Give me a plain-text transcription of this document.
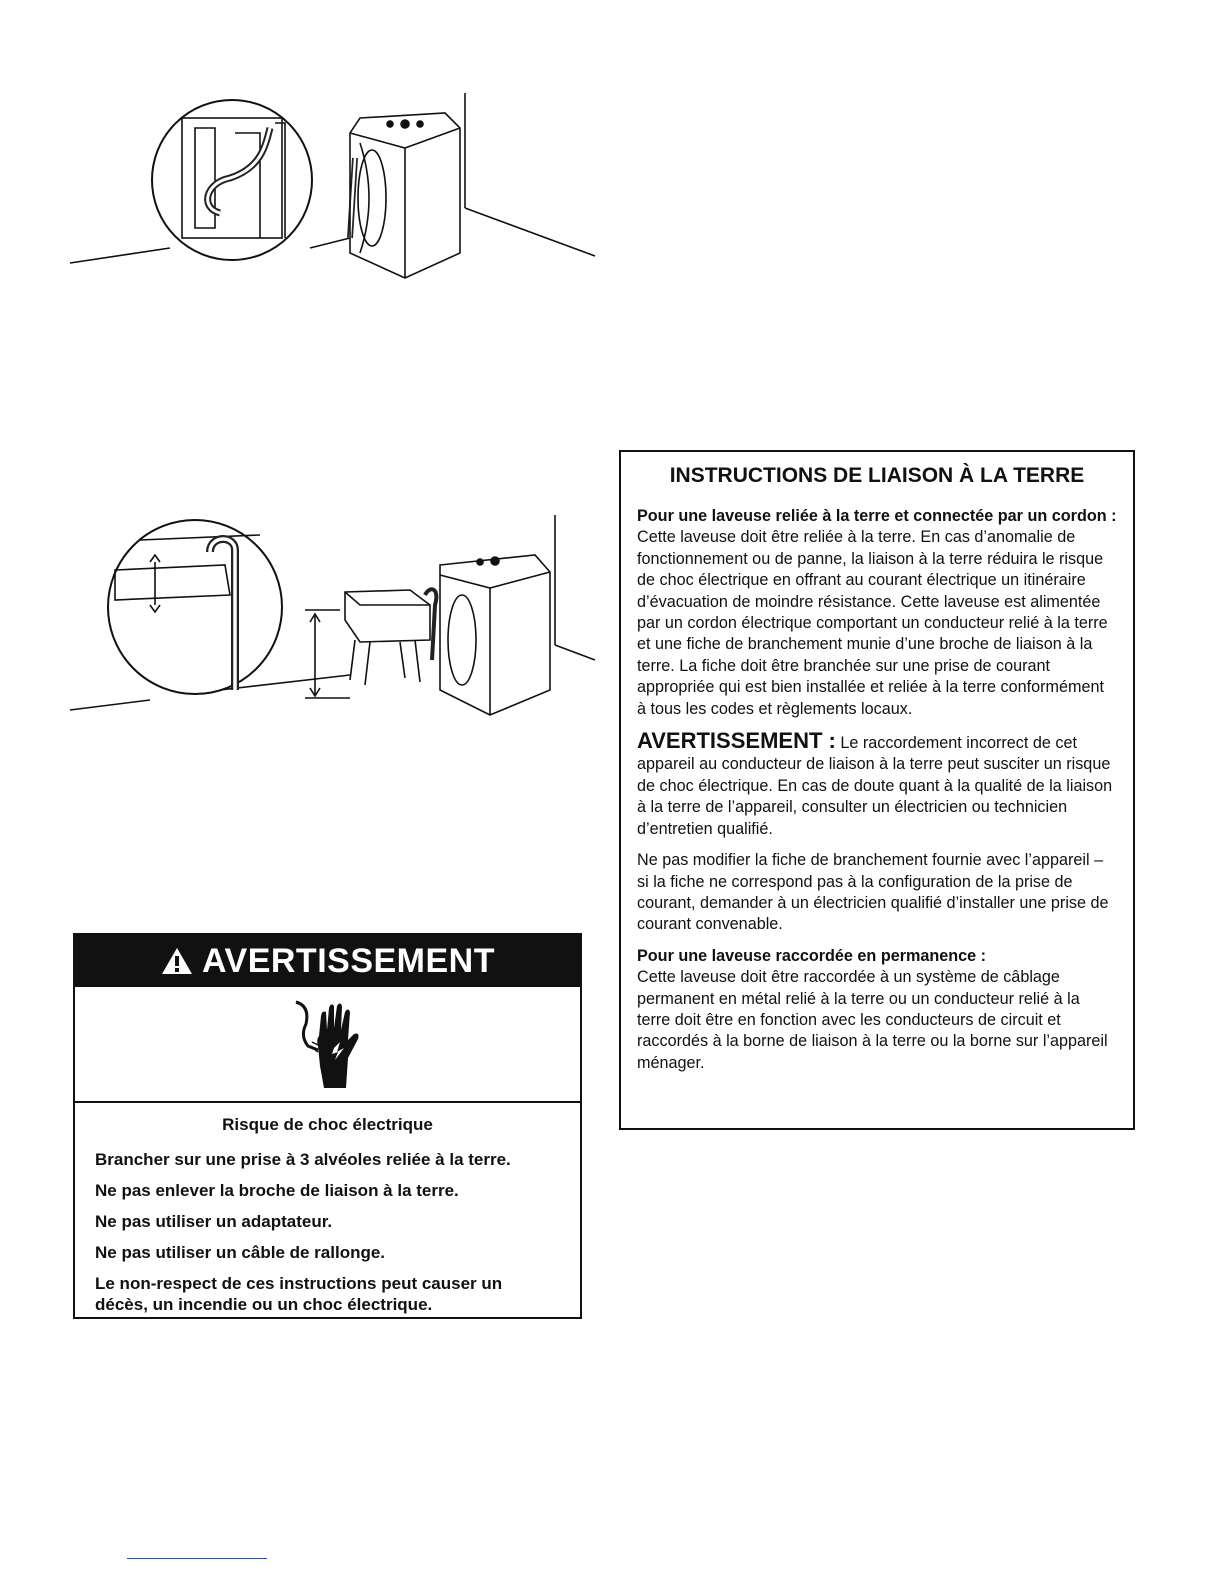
AVERTISSEMENT
Risque de choc électrique
Brancher sur une prise à 3 alvéoles reliée à la terre.
Ne pas enlever la broche de liaison à la terre.
Ne pas utiliser un adaptateur.
Ne pas utiliser un câble de rallonge.
Le non-respect de ces instructions peut causer un décès, un incendie ou un choc électrique.
INSTRUCTIONS DE LIAISON À LA TERRE

Pour une laveuse reliée à la terre et connectée par un cordon :
Cette laveuse doit être reliée à la terre. En cas d’anomalie de fonctionnement ou de panne, la liaison à la terre réduira le risque de choc électrique en offrant au courant électrique un itinéraire d’évacuation de moindre résistance. Cette laveuse est alimentée par un cordon électrique comportant un conducteur relié à la terre et une fiche de branchement munie d’une broche de liaison à la terre. La fiche doit être branchée sur une prise de courant appropriée qui est bien installée et reliée à la terre conformément à tous les codes et règlements locaux.

AVERTISSEMENT : Le raccordement incorrect de cet appareil au conducteur de liaison à la terre peut susciter un risque de choc électrique. En cas de doute quant à la qualité de la liaison à la terre de l’appareil, consulter un électricien ou technicien d’entretien qualifié.

Ne pas modifier la fiche de branchement fournie avec l’appareil – si la fiche ne correspond pas à la configuration de la prise de courant, demander à un électricien qualifié d’installer une prise de courant convenable.

Pour une laveuse raccordée en permanence :
Cette laveuse doit être raccordée à un système de câblage permanent en métal relié à la terre ou un conducteur relié à la terre doit être en fonction avec les conducteurs de circuit et raccordés à la borne de liaison à la terre ou la borne sur l’appareil ménager.
